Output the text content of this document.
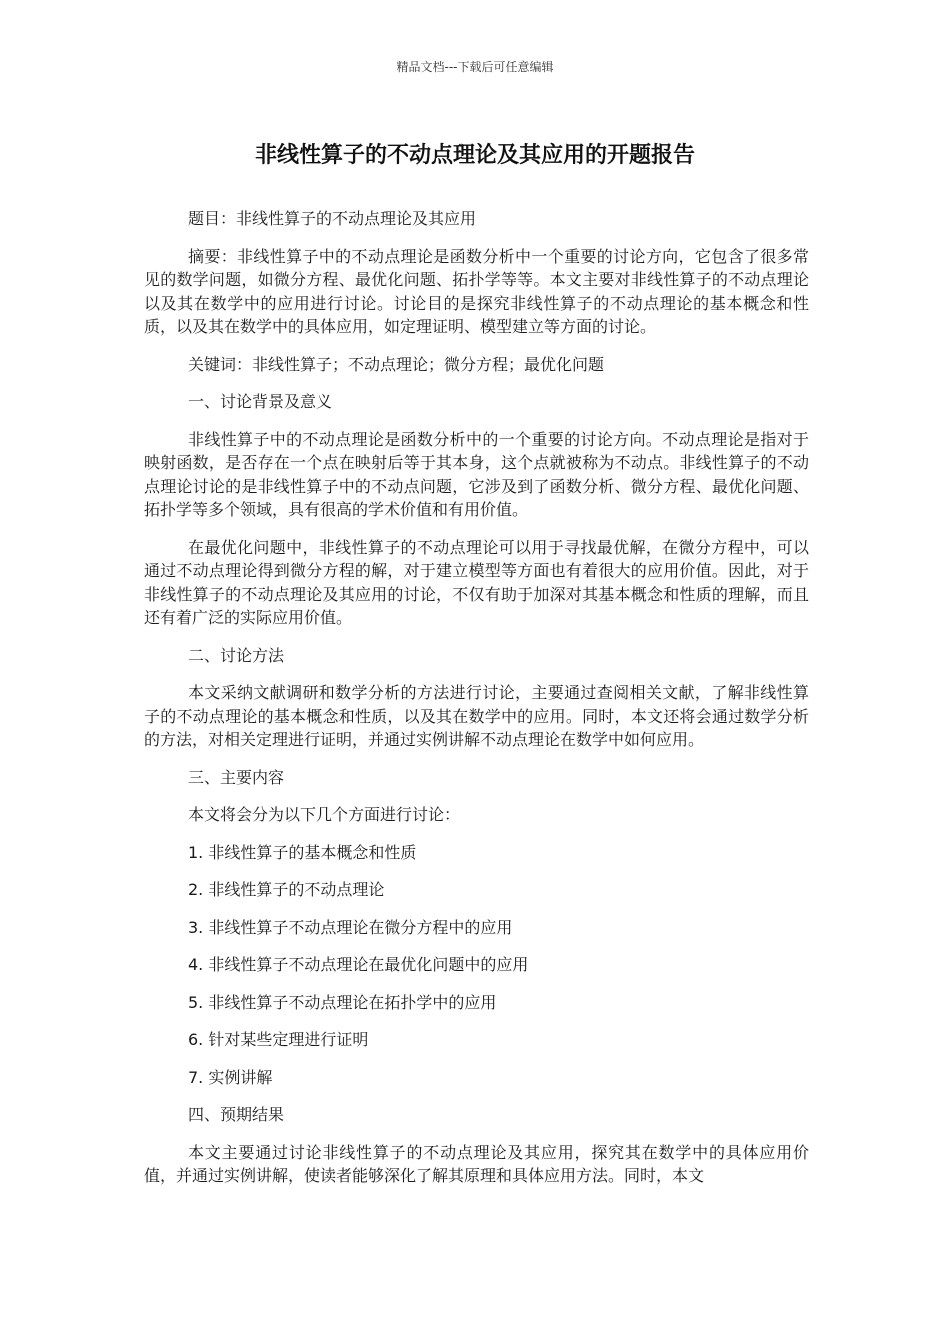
精品文档---下载后可任意编辑
非线性算子的不动点理论及其应用的开题报告

题目：非线性算子的不动点理论及其应用

摘要：非线性算子中的不动点理论是函数分析中一个重要的讨论方向，它包含了很多常见的数学问题，如微分方程、最优化问题、拓扑学等等。本文主要对非线性算子的不动点理论以及其在数学中的应用进行讨论。讨论目的是探究非线性算子的不动点理论的基本概念和性质，以及其在数学中的具体应用，如定理证明、模型建立等方面的讨论。

关键词：非线性算子；不动点理论；微分方程；最优化问题

一、讨论背景及意义

非线性算子中的不动点理论是函数分析中的一个重要的讨论方向。不动点理论是指对于映射函数，是否存在一个点在映射后等于其本身，这个点就被称为不动点。非线性算子的不动点理论讨论的是非线性算子中的不动点问题，它涉及到了函数分析、微分方程、最优化问题、拓扑学等多个领域，具有很高的学术价值和有用价值。

在最优化问题中，非线性算子的不动点理论可以用于寻找最优解，在微分方程中，可以通过不动点理论得到微分方程的解，对于建立模型等方面也有着很大的应用价值。因此，对于非线性算子的不动点理论及其应用的讨论，不仅有助于加深对其基本概念和性质的理解，而且还有着广泛的实际应用价值。

二、讨论方法

本文采纳文献调研和数学分析的方法进行讨论，主要通过查阅相关文献，了解非线性算子的不动点理论的基本概念和性质，以及其在数学中的应用。同时，本文还将会通过数学分析的方法，对相关定理进行证明，并通过实例讲解不动点理论在数学中如何应用。

三、主要内容

本文将会分为以下几个方面进行讨论：

1. 非线性算子的基本概念和性质

2. 非线性算子的不动点理论

3. 非线性算子不动点理论在微分方程中的应用

4. 非线性算子不动点理论在最优化问题中的应用

5. 非线性算子不动点理论在拓扑学中的应用

6. 针对某些定理进行证明

7. 实例讲解

四、预期结果

本文主要通过讨论非线性算子的不动点理论及其应用，探究其在数学中的具体应用价值，并通过实例讲解，使读者能够深化了解其原理和具体应用方法。同时，本文
